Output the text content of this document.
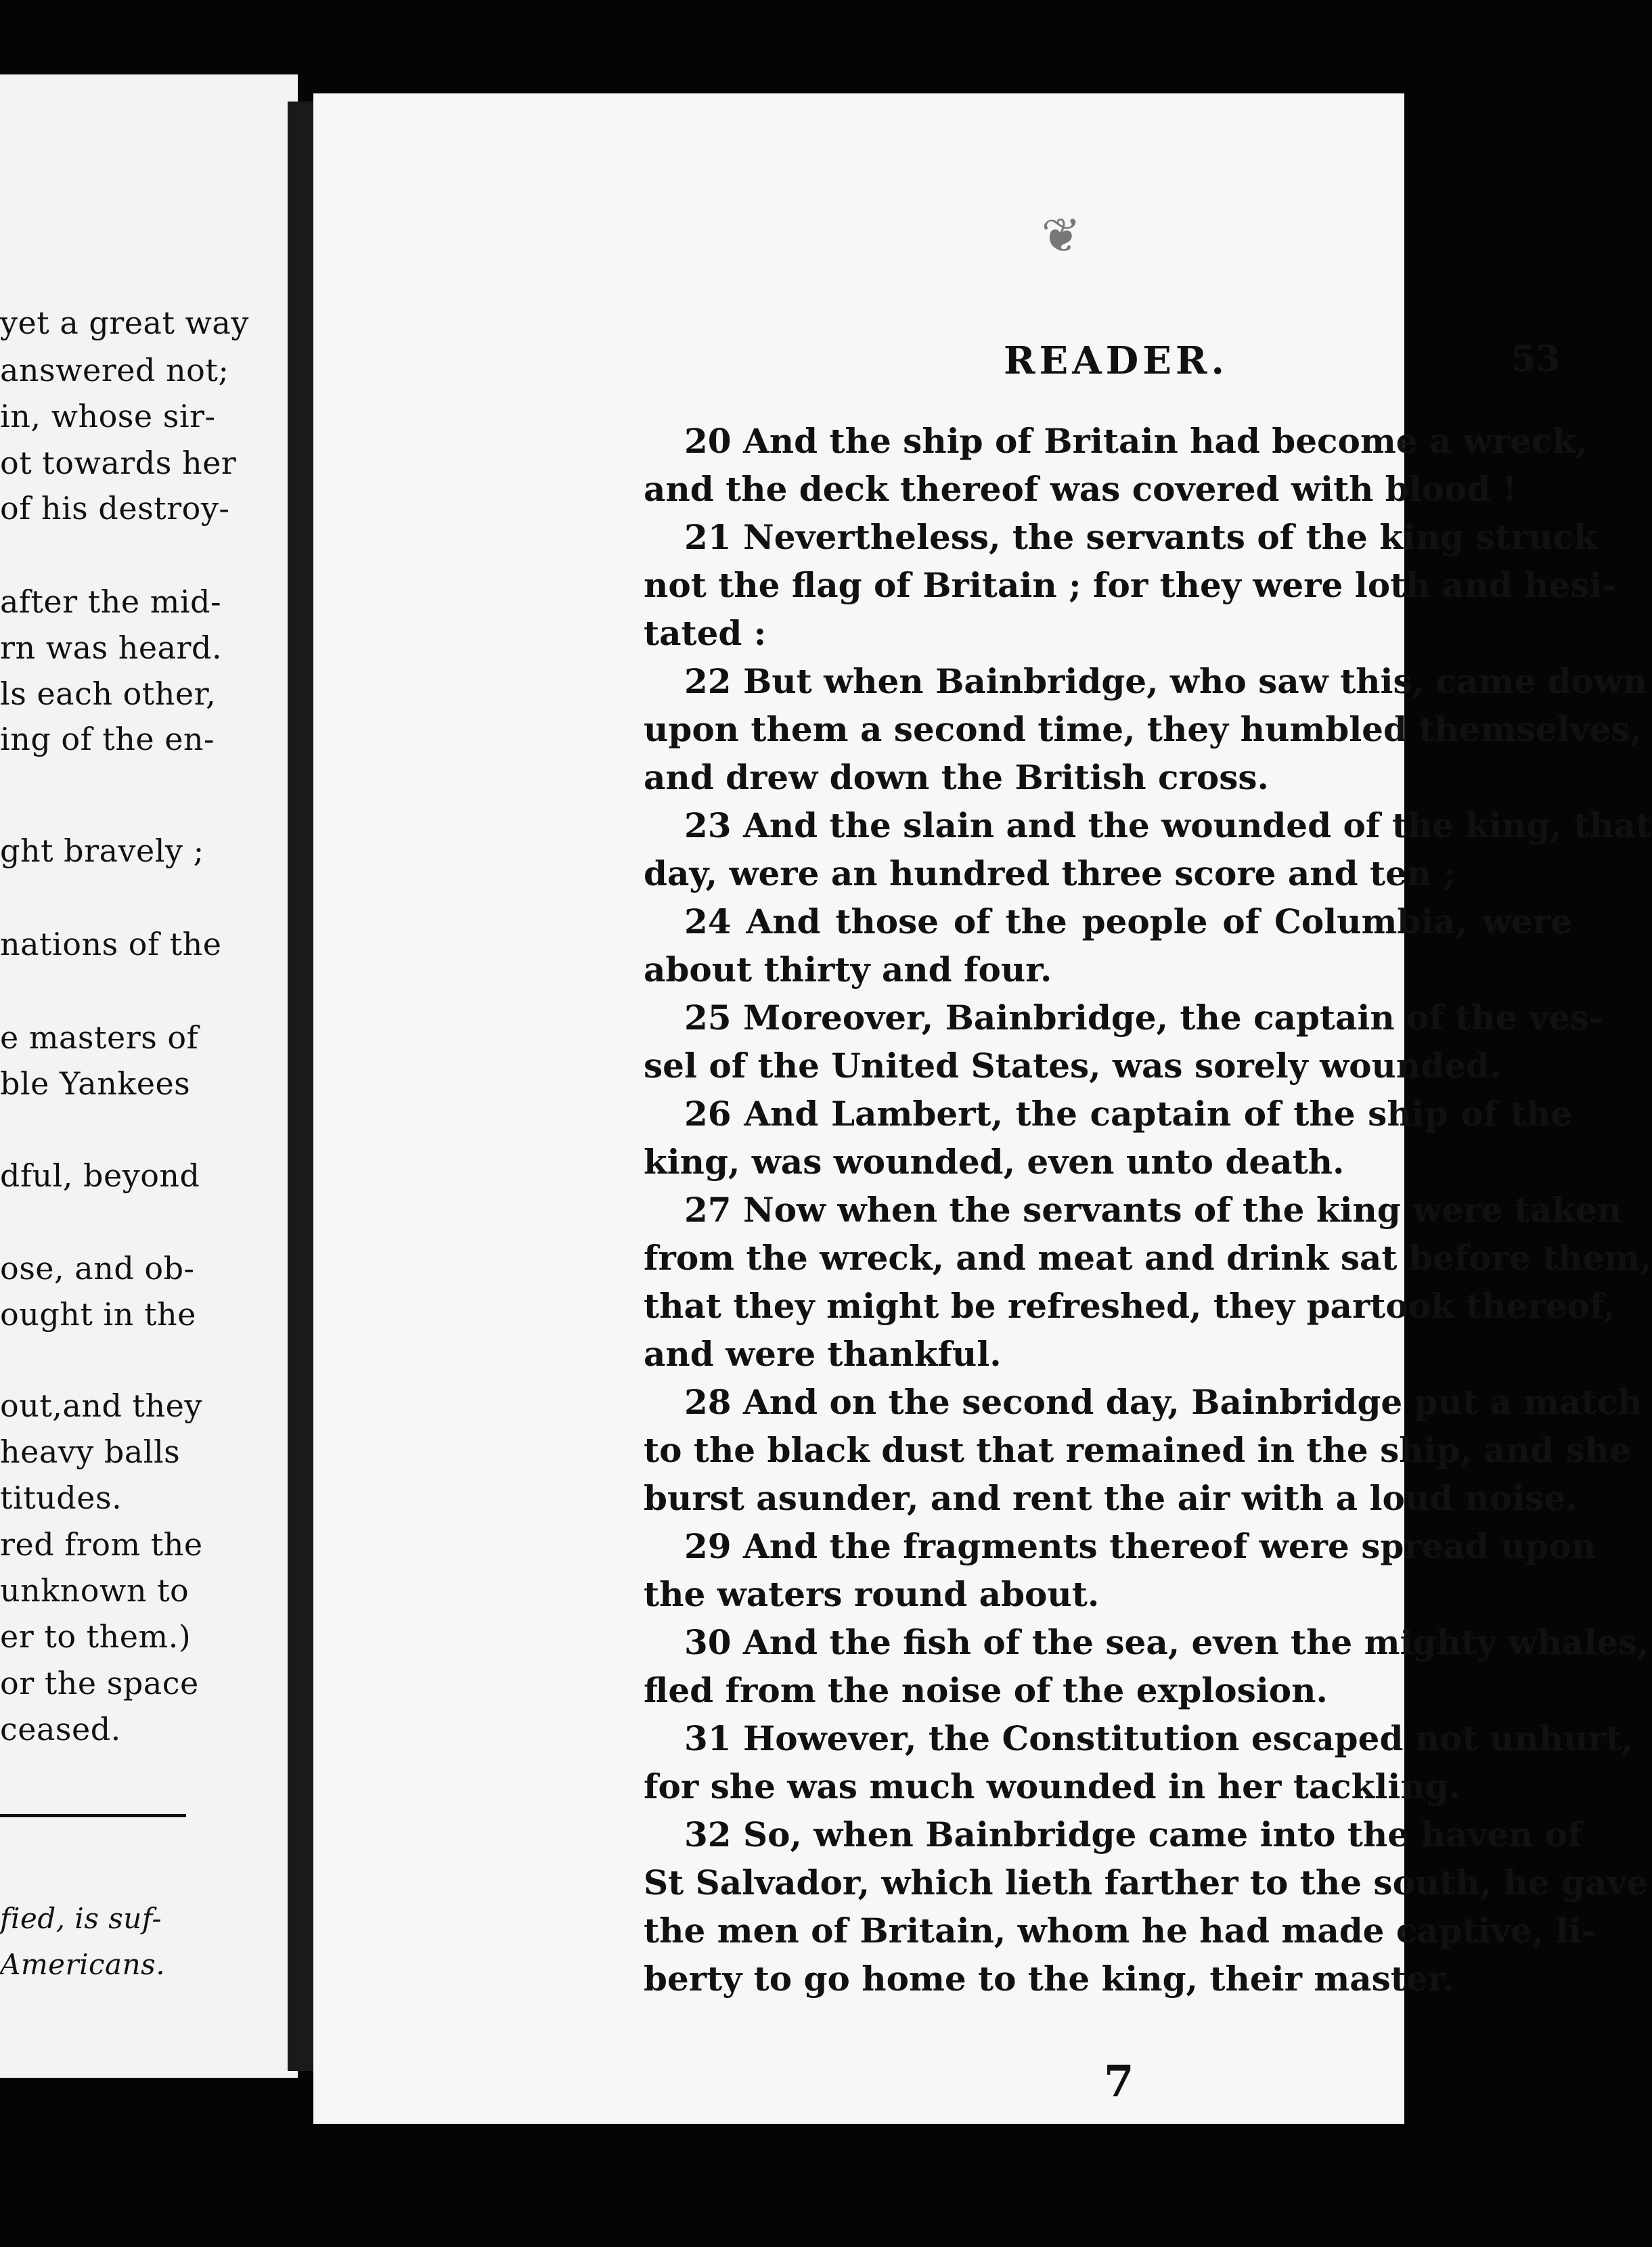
yet a great way
answered not;
in, whose sir-
ot towards her
of his destroy-
after the mid-
rn was heard.
ls each other,
ing of the en-
ght bravely ;
nations of the
e masters of
ble Yankees
dful, beyond
ose, and ob-
ought in the
out,and they
heavy balls
titudes.
red from the
unknown to
er to them.)
or the space
ceased.
fied, is suf-
Americans.
❦
READER.	53
20 And the ship of Britain had become a wreck,
and the deck thereof was covered with blood !
21 Nevertheless, the servants of the king struck
not the flag of Britain ; for they were loth and hesi-
tated :
22 But when Bainbridge, who saw this, came down
upon them a second time, they humbled themselves,
and drew down the British cross.
23 And the slain and the wounded of the king, that
day, were an hundred three score and ten ;
24 And those of the people of Columbia, were
about thirty and four.
25 Moreover, Bainbridge, the captain of the ves-
sel of the United States, was sorely wounded.
26 And Lambert, the captain of the ship of the
king, was wounded, even unto death.
27 Now when the servants of the king were taken
from the wreck, and meat and drink sat before them,
that they might be refreshed, they partook thereof,
and were thankful.
28 And on the second day, Bainbridge put a match
to the black dust that remained in the ship, and she
burst asunder, and rent the air with a loud noise.
29 And the fragments thereof were spread upon
the waters round about.
30 And the fish of the sea, even the mighty whales,
fled from the noise of the explosion.
31 However, the Constitution escaped not unhurt,
for she was much wounded in her tackling.
32 So, when Bainbridge came into the haven of
St Salvador, which lieth farther to the south, he gave
the men of Britain, whom he had made captive, li-
berty to go home to the king, their master.
7
